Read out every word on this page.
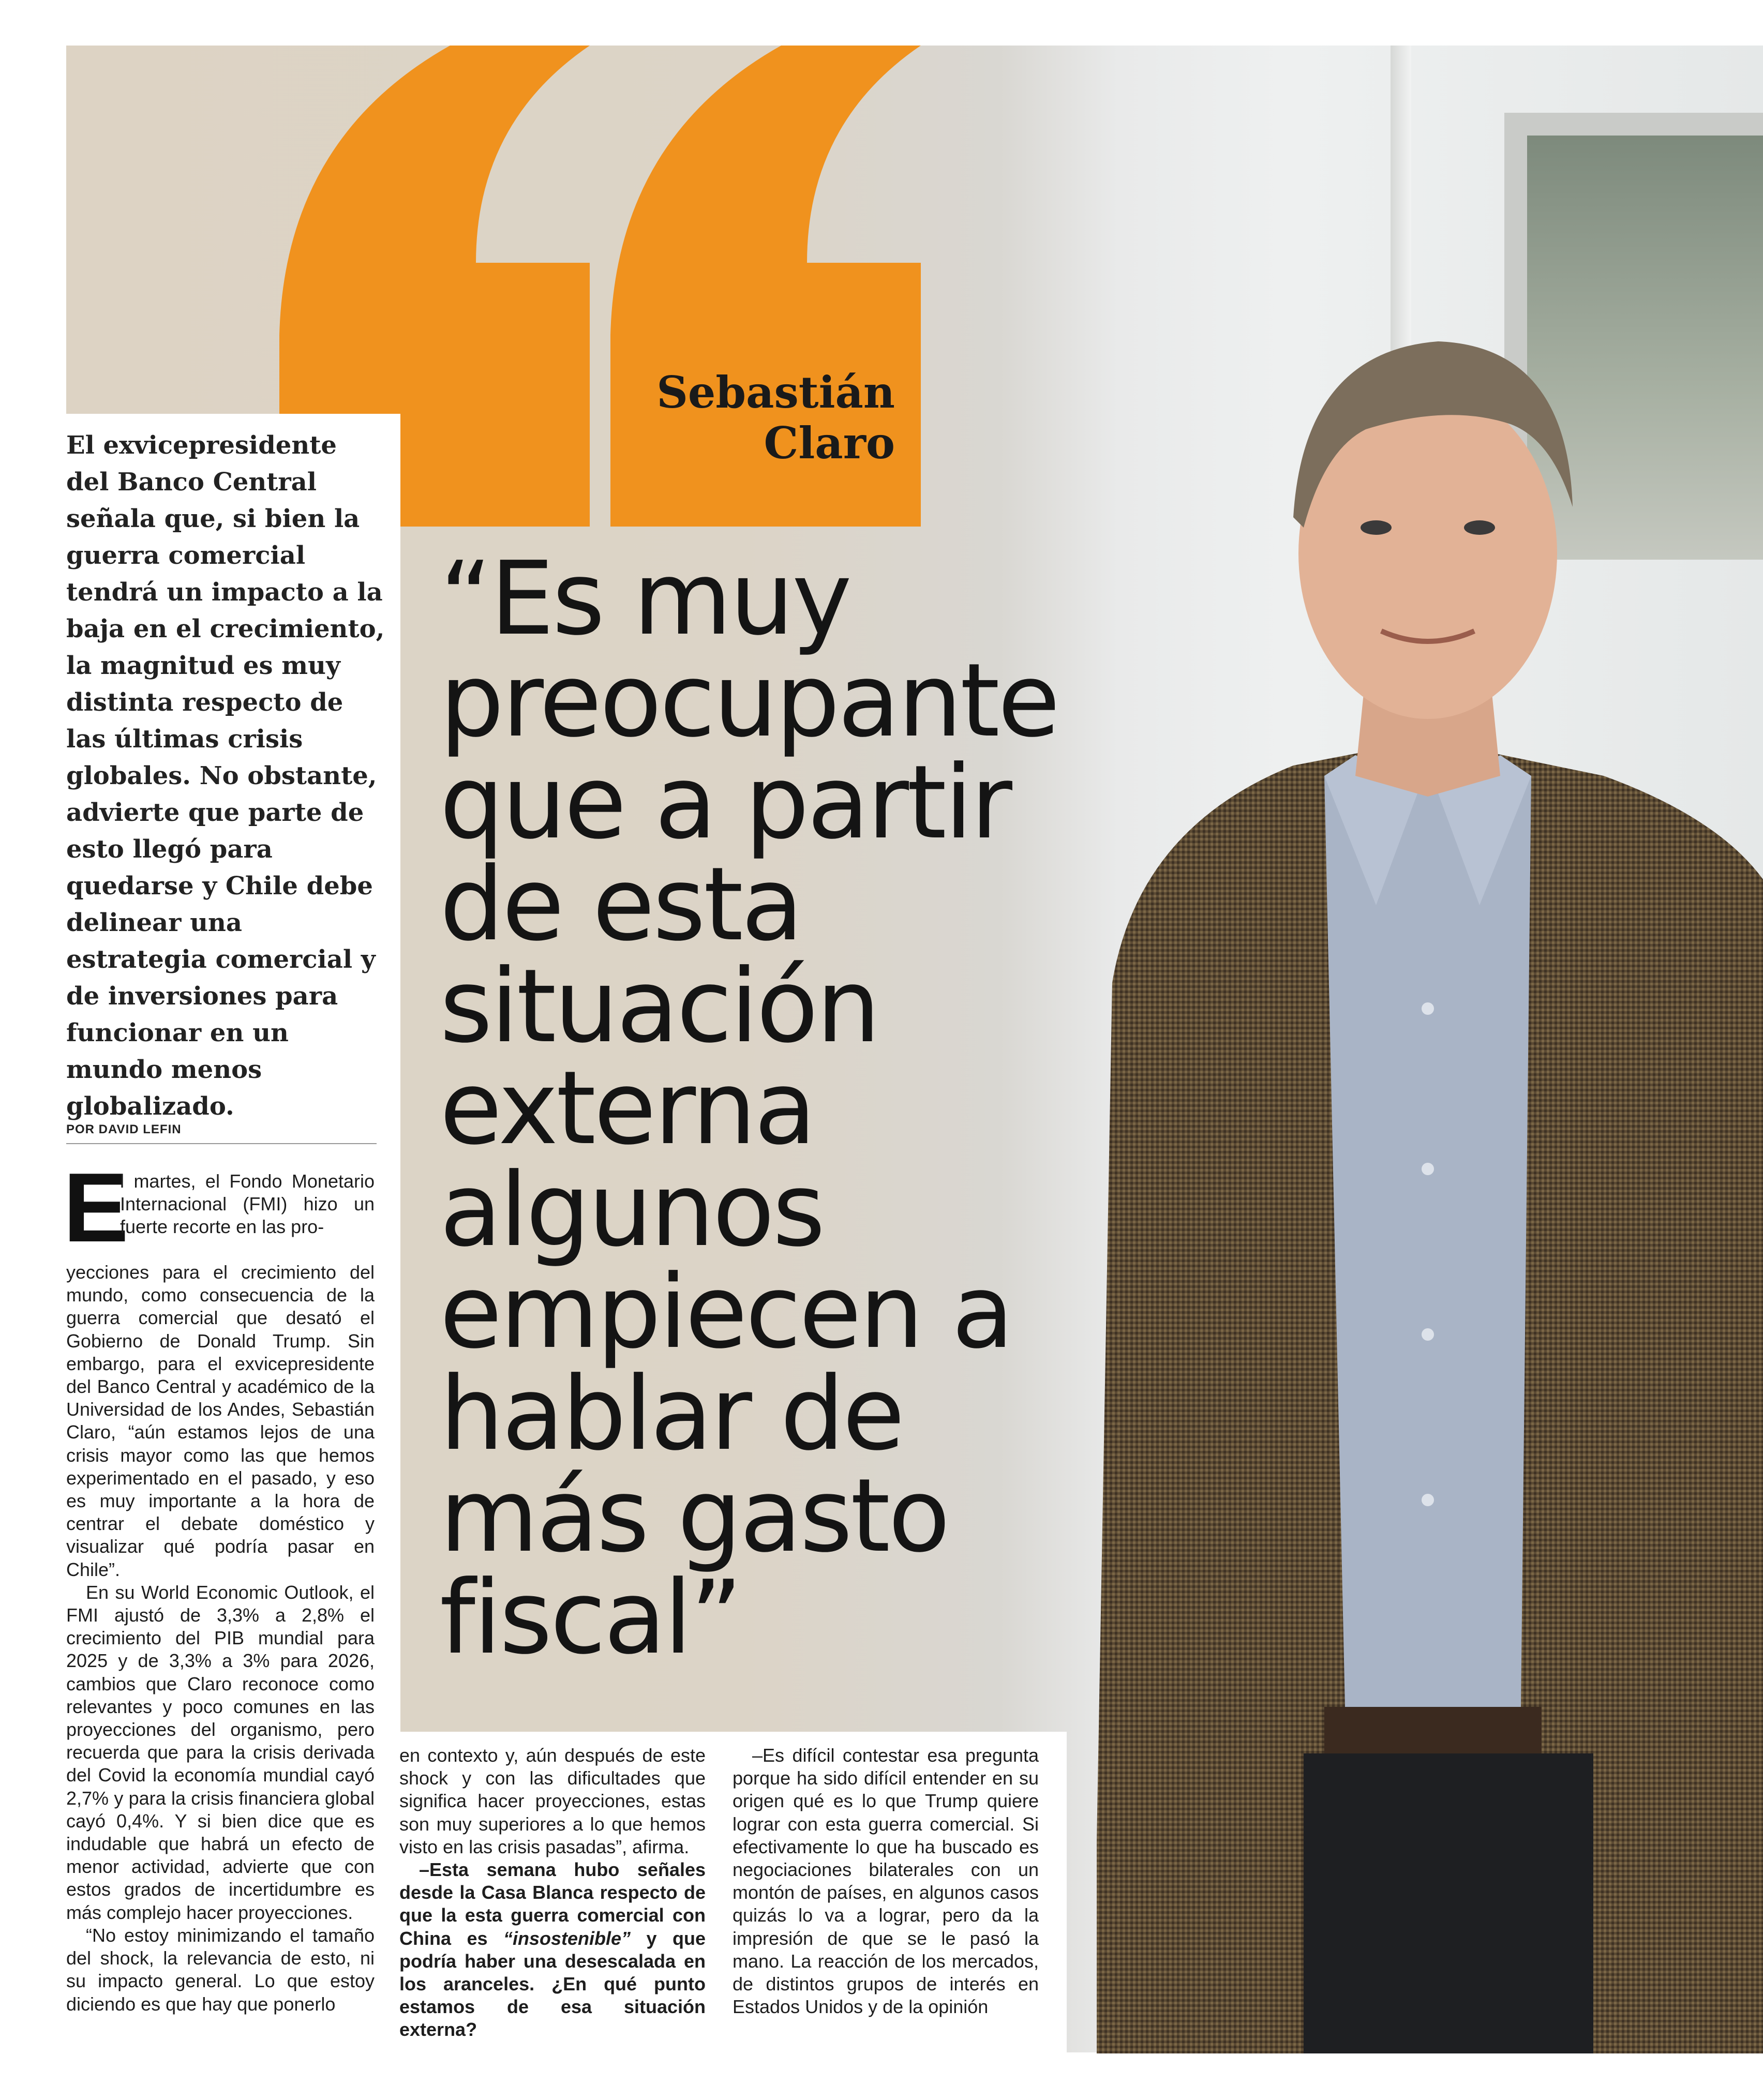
Sebastián
Claro
El exvicepresidente del Banco Central señala que, si bien la guerra comercial tendrá un impacto a la baja en el crecimiento, la magnitud es muy distinta respecto de las últimas crisis globales. No obstante, advierte que parte de esto llegó para quedarse y Chile debe delinear una estrategia comercial y de inversiones para funcionar en un mundo menos globalizado.
POR DAVID LEFIN
E

l martes, el Fondo Monetario Internacional (FMI) hizo un fuerte recorte en las pro-

yecciones para el crecimiento del mundo, como consecuencia de la guerra comercial que desató el Gobierno de Donald Trump. Sin embargo, para el exvicepresidente del Banco Central y académico de la Universidad de los Andes, Sebastián Claro, “aún estamos lejos de una crisis mayor como las que hemos experimentado en el pasado, y eso es muy importante a la hora de centrar el debate doméstico y visualizar qué podría pasar en Chile”.

En su World Economic Outlook, el FMI ajustó de 3,3% a 2,8% el crecimiento del PIB mundial para 2025 y de 3,3% a 3% para 2026, cambios que Claro reconoce como relevantes y poco comunes en las proyecciones del organismo, pero recuerda que para la crisis derivada del Covid la economía mundial cayó 2,7% y para la crisis financiera global cayó 0,4%. Y si bien dice que es indudable que habrá un efecto de menor actividad, advierte que con estos grados de incertidumbre es más complejo hacer proyecciones.

“No estoy minimizando el tamaño del shock, la relevancia de esto, ni su impacto general. Lo que estoy diciendo es que hay que ponerlo

“Es muy preocupante que a partir de esta situación externa algunos empiecen a hablar de más gasto fiscal”

en contexto y, aún después de este shock y con las dificultades que significa hacer proyecciones, estas son muy superiores a lo que hemos visto en las crisis pasadas”, afirma.

–Esta semana hubo señales desde la Casa Blanca respecto de que la esta guerra comercial con China es “insostenible” y que podría haber una desescalada en los aranceles. ¿En qué punto estamos de esa situación externa?

–Es difícil contestar esa pregunta porque ha sido difícil entender en su origen qué es lo que Trump quiere lograr con esta guerra comercial. Si efectivamente lo que ha buscado es negociaciones bilaterales con un montón de países, en algunos casos quizás lo va a lograr, pero da la impresión de que se le pasó la mano. La reacción de los mercados, de distintos grupos de interés en Estados Unidos y de la opinión
